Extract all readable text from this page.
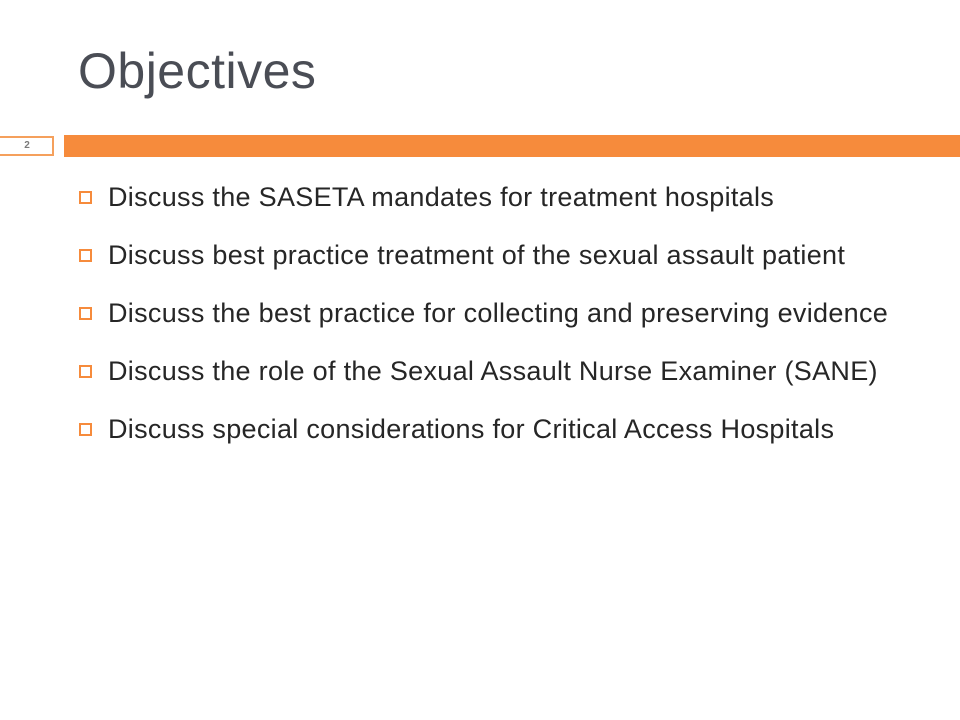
Objectives
2
Discuss the SASETA mandates for treatment hospitals
Discuss best practice treatment of the sexual assault patient
Discuss the best practice for collecting and preserving evidence
Discuss the role of the Sexual Assault Nurse Examiner (SANE)
Discuss special considerations for Critical Access Hospitals
